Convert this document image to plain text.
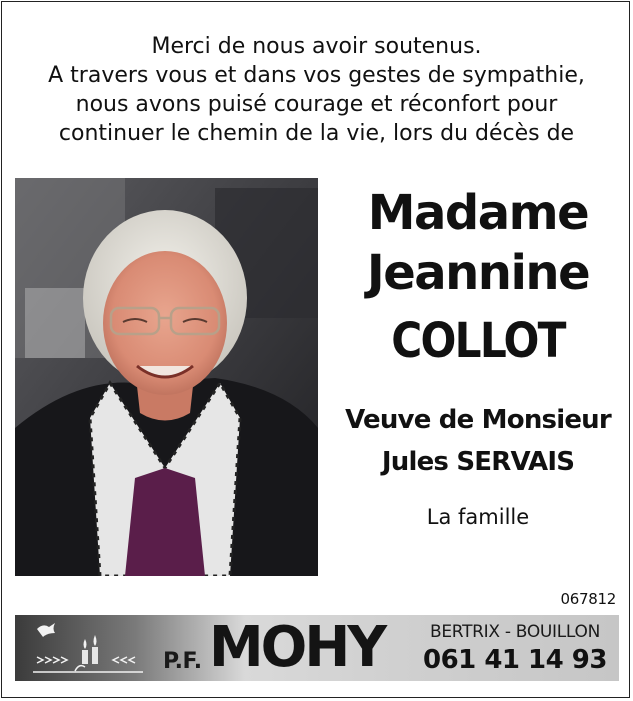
Merci de nous avoir soutenus.
A travers vous et dans vos gestes de sympathie,
nous avons puisé courage et réconfort pour
continuer le chemin de la vie, lors du décès de
Madame
Jeannine
COLLOT
Veuve de Monsieur
Jules SERVAIS
La famille
067812
P.F. MOHY	BERTRIX - BOUILLON
061 41 14 93
